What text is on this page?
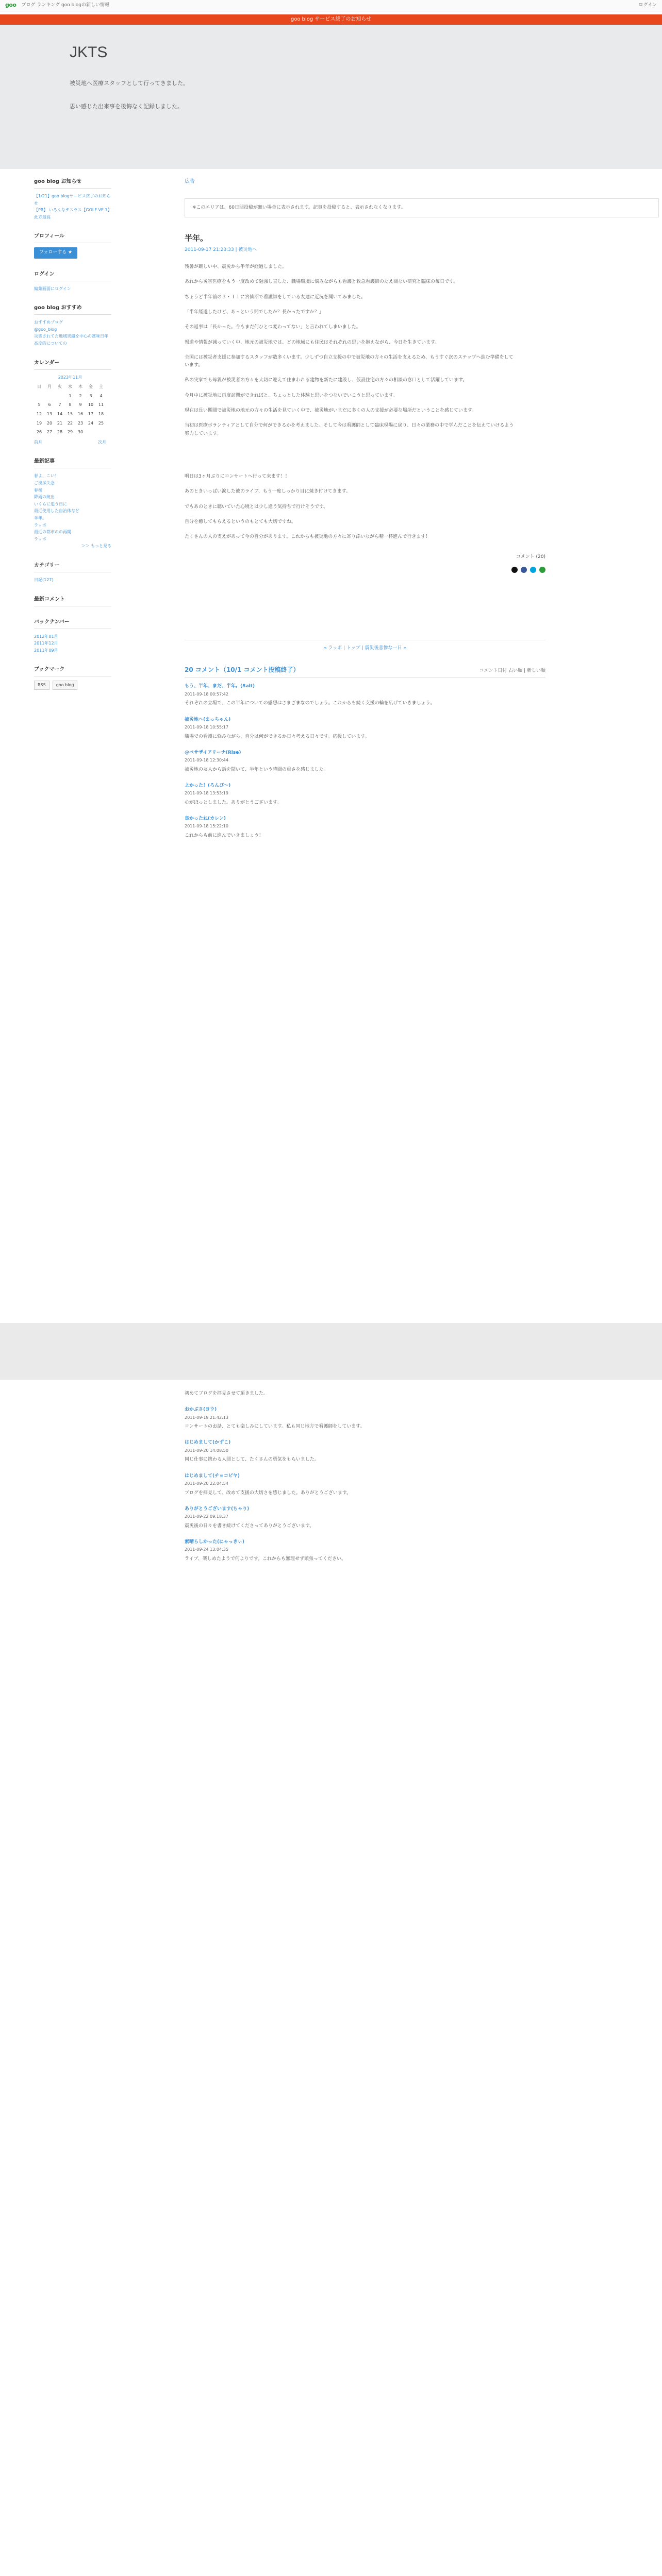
goo ブログ ランキング goo blogの新しい情報	ログイン
goo blog サービス終了のお知らせ
JKTS

被災地へ医療スタッフとして行ってきました。

思い感じた出来事を後悔なく記録しました。

goo blog お知らせ
【1/21】goo blogサービス終了のお知らせ
【PR】 いろんなテスラス【GOLF VE 1】此方最高
プロフィール
フォローする ★
ログイン
編集画面にログイン
goo blog おすすめ
おすすめブログ
@goo_blog
災害されてた地域実績を中心の賞味日年高度的についての
カレンダー
2023年11月
日	月	火	水	木	金	土
			1	2	3	4
5	6	7	8	9	10	11
12	13	14	15	16	17	18
19	20	21	22	23	24	25
26	27	28	29	30		
前月	次月
最新記事
春よ、こい！
ご挨拶失念
春桜
降雨の統出
いくらに追う日に
最近使用した自治体など
半年。
ラッポ
最近の都市のの再開
ラッポ
＞＞ もっと見る
カテゴリー
日記(127)
最新コメント
バックナンバー
2012年01月
2011年12月
2011年09月
ブックマーク
RSS	goo blog
広告
※このエリアは、60日間投稿が無い場合に表示されます。記事を投稿すると、表示されなくなります。
半年。
2011-09-17 21:23:33 | 被災地へ

残暑が厳しい中、震災から半年が経過しました。

あれから災害医療をもう一度改めて勉強し直した、職場環境に悩みながらも看護と救急看護師のたえ間ない研究と臨床の毎日です。

ちょうど半年前の３・１１に宮仙沼で看護師をしている友達に近況を聞いてみました。

「半年経過したけど、あっという間でしたか？長かったですか？」

その返事は「長かった。今もまだ何ひとつ変わってない」と言われてしまいました。

報道や情報が減っていく中、地元の被災地では、どの地域にも住民はそれぞれの思いを抱えながら、今日を生きています。

全国には被災者支援に参加するスタッフが数多くいます。少しずつ自立支援の中で被災地の方々の生活を支えるため、もうすぐ次のステップへ進む準備をしています。

私の実家でも母親が被災者の方々を大切に迎えて住まわれる建物を新たに建設し、仮設住宅の方々の相談の窓口として活躍しています。

今月中に被災地に再度訪問ができればと、ちょっとした体験と思いをつないでいこうと思っています。

現在は長い期間で被災地の地元の方々の生活を見ていく中で、被災地がいまだに多くの人の支援が必要な場所だということを感じています。

当初は医療ボランティアとして自分で何ができるかを考えました。そして今は看護師として臨床現場に戻り、日々の業務の中で学んだことを伝えていけるよう努力しています。

明日は3ヶ月ぶりにコンサートへ行って来ます！！

あのときいっぱい涙した彼のライブ、もう一度しっかり目に焼き付けてきます。

でもあのときに聴いていた心境とは少し違う気持ちで行けそうです。

自分を癒してもらえるというのもとても大切ですね。

たくさんの人の支えがあって今の自分があります。これからも被災地の方々に寄り添いながら精一杯進んで行きます！

コメント (20)
« ラッポ | トップ | 震災後悲惨な一日 »
20 コメント（10/1 コメント投稿終了）	コメント日付 古い順 | 新しい順
もう、半年、まだ、半年。(Salt)
2011-09-18 00:57:42
それぞれの立場で、この半年についての感想はさまざまなのでしょう。これからも続く支援の輪を広げていきましょう。
被災地へ(まっちゃん)
2011-09-18 10:55:17
職場での看護に悩みながら、自分は何ができるか日々考える日々です。応援しています。
@ベサザイアリーナ(Rise)
2011-09-18 12:30:44
被災地の友人から話を聞いて、半年という時間の重さを感じました。
よかった！(ろんぴ〜)
2011-09-18 13:53:19
心がほっとしました。ありがとうございます。
良かったね(カレン)
2011-09-18 15:22:10
これからも前に進んでいきましょう！
初めてブログを拝見させて頂きました。
おかぶさ(ヨウ)
2011-09-19 21:42:13
コンサートのお話、とても楽しみにしています。私も同じ地方で看護師をしています。
はじめまして(かずこ)
2011-09-20 14:08:50
同じ仕事に携わる人間として、たくさんの勇気をもらいました。
はじめまして(チョコビヤ)
2011-09-20 22:04:54
ブログを拝見して、改めて支援の大切さを感じました。ありがとうございます。
ありがとうございます(ちゃり)
2011-09-22 09:18:37
震災後の日々を書き続けてくださってありがとうございます。
素晴らしかった(にゃっきぃ)
2011-09-24 13:04:35
ライブ、楽しめたようで何よりです。これからも無理せず頑張ってください。
